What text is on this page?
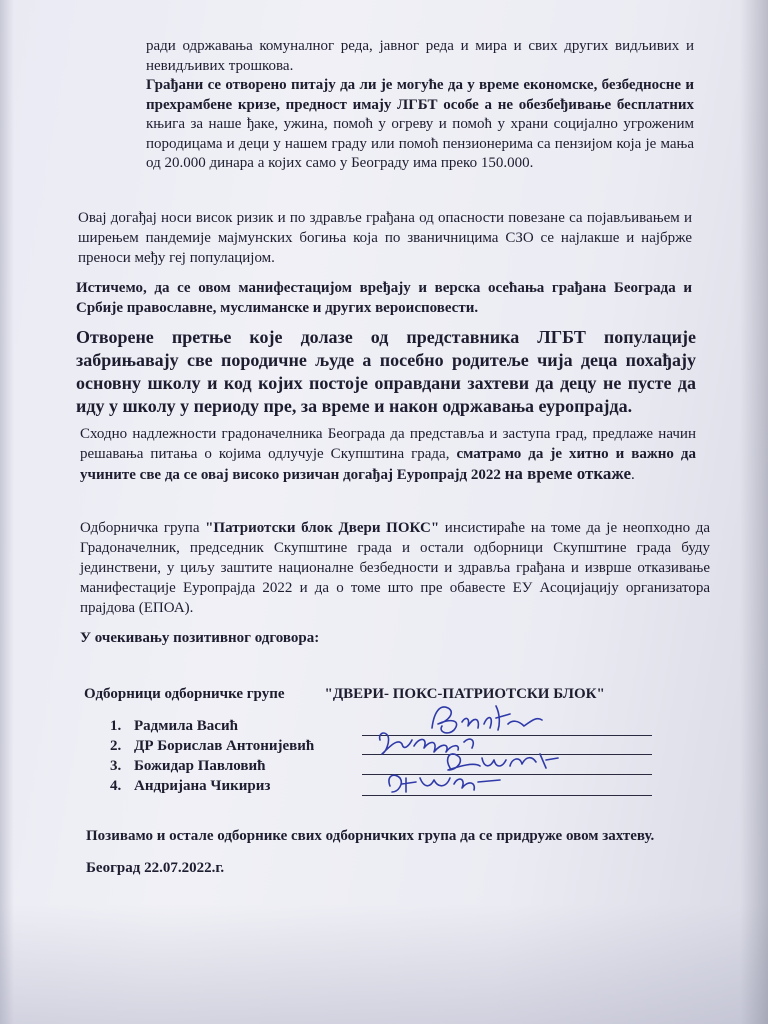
ради одржавања комуналног реда, јавног реда и мира и свих других видљивих и невидљивих трошкова.

Грађани се отворено питају да ли је могуће да у време економске, безбедносне и прехрамбене кризе, предност имају ЛГБТ особе а не обезбеђивање бесплатних књига за наше ђаке, ужина, помоћ у огреву и помоћ у храни социјално угроженим породицама и деци у нашем граду или помоћ пензионерима са пензијом која је мања од 20.000 динара а којих само у Београду има преко 150.000.

Овај догађај носи висок ризик и по здравље грађана од опасности повезане са појављивањем и ширењем пандемије мајмунских богиња која по званичницима СЗО се најлакше и најбрже преноси међу геј популацијом.

Истичемо, да се овом манифестацијом вређају и верска осећања грађана Београда и Србије православне, муслиманске и других вероисповести.

Отворене претње које долазе од представника ЛГБТ популације забрињавају све породичне људе а посебно родитеље чија деца похађају основну школу и код којих постоје оправдани захтеви да децу не пусте да иду у школу у периоду пре, за време и након одржавања еуропрајда.

Сходно надлежности градоначелника Београда да представља и заступа град, предлаже начин решавања питања о којима одлучује Скупштина града, сматрамо да је хитно и важно да учините све да се овај високо ризичан догађај Еуропрајд 2022 на време откаже.

Одборничка група "Патриотски блок Двери ПОКС" инсистираће на томе да је неопходно да Градоначелник, председник Скупштине града и остали одборници Скупштине града буду јединствени, у циљу заштите националне безбедности и здравља грађана и изврше отказивање манифестације Еуропрајда 2022 и да о томе што пре обавесте ЕУ Асоцијацију организатора прајдова (ЕПОА).

У очекивању позитивног одговора:

Одборници одборничке групе	"ДВЕРИ- ПОКС-ПАТРИОТСКИ БЛОК"

1. Радмила Васић
2. ДР Борислав Антонијевић
3. Божидар Павловић
4. Андријана Чикириз

Позивамо и остале одборнике свих одборничких група да се придруже овом захтеву.

Београд 22.07.2022.г.
